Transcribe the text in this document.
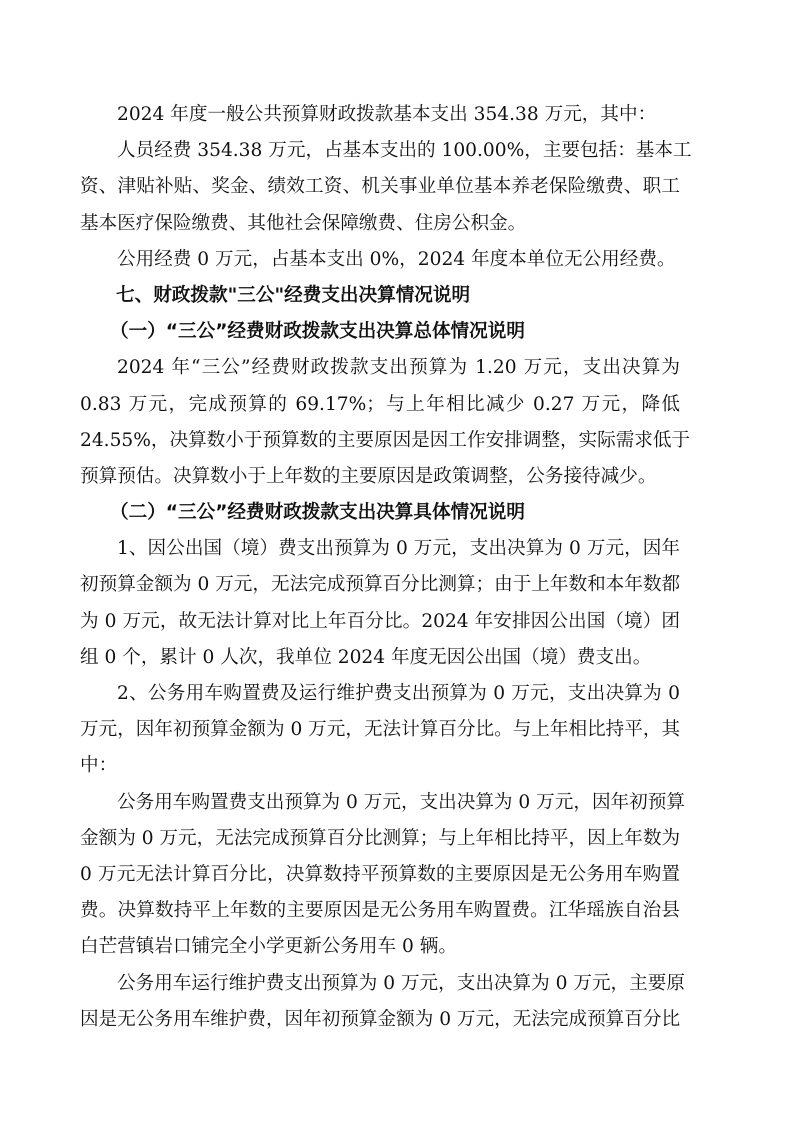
2024 年度一般公共预算财政拨款基本支出 354.38 万元，其中：
人员经费 354.38 万元，占基本支出的 100.00%，主要包括：基本工
资、津贴补贴、奖金、绩效工资、机关事业单位基本养老保险缴费、职工
基本医疗保险缴费、其他社会保障缴费、住房公积金。
公用经费 0 万元，占基本支出 0%，2024 年度本单位无公用经费。
七、财政拨款"三公"经费支出决算情况说明
（一）“三公”经费财政拨款支出决算总体情况说明
2024 年“三公”经费财政拨款支出预算为 1.20 万元，支出决算为
0.83 万元，完成预算的 69.17%；与上年相比减少 0.27 万元，降低
24.55%，决算数小于预算数的主要原因是因工作安排调整，实际需求低于
预算预估。决算数小于上年数的主要原因是政策调整，公务接待减少。
（二）“三公”经费财政拨款支出决算具体情况说明
1、因公出国（境）费支出预算为 0 万元，支出决算为 0 万元，因年
初预算金额为 0 万元，无法完成预算百分比测算；由于上年数和本年数都
为 0 万元，故无法计算对比上年百分比。2024 年安排因公出国（境）团
组 0 个，累计 0 人次，我单位 2024 年度无因公出国（境）费支出。
2、公务用车购置费及运行维护费支出预算为 0 万元，支出决算为 0
万元，因年初预算金额为 0 万元，无法计算百分比。与上年相比持平，其
中：
公务用车购置费支出预算为 0 万元，支出决算为 0 万元，因年初预算
金额为 0 万元，无法完成预算百分比测算；与上年相比持平，因上年数为
0 万元无法计算百分比，决算数持平预算数的主要原因是无公务用车购置
费。决算数持平上年数的主要原因是无公务用车购置费。江华瑶族自治县
白芒营镇岩口铺完全小学更新公务用车 0 辆。
公务用车运行维护费支出预算为 0 万元，支出决算为 0 万元，主要原
因是无公务用车维护费，因年初预算金额为 0 万元，无法完成预算百分比
